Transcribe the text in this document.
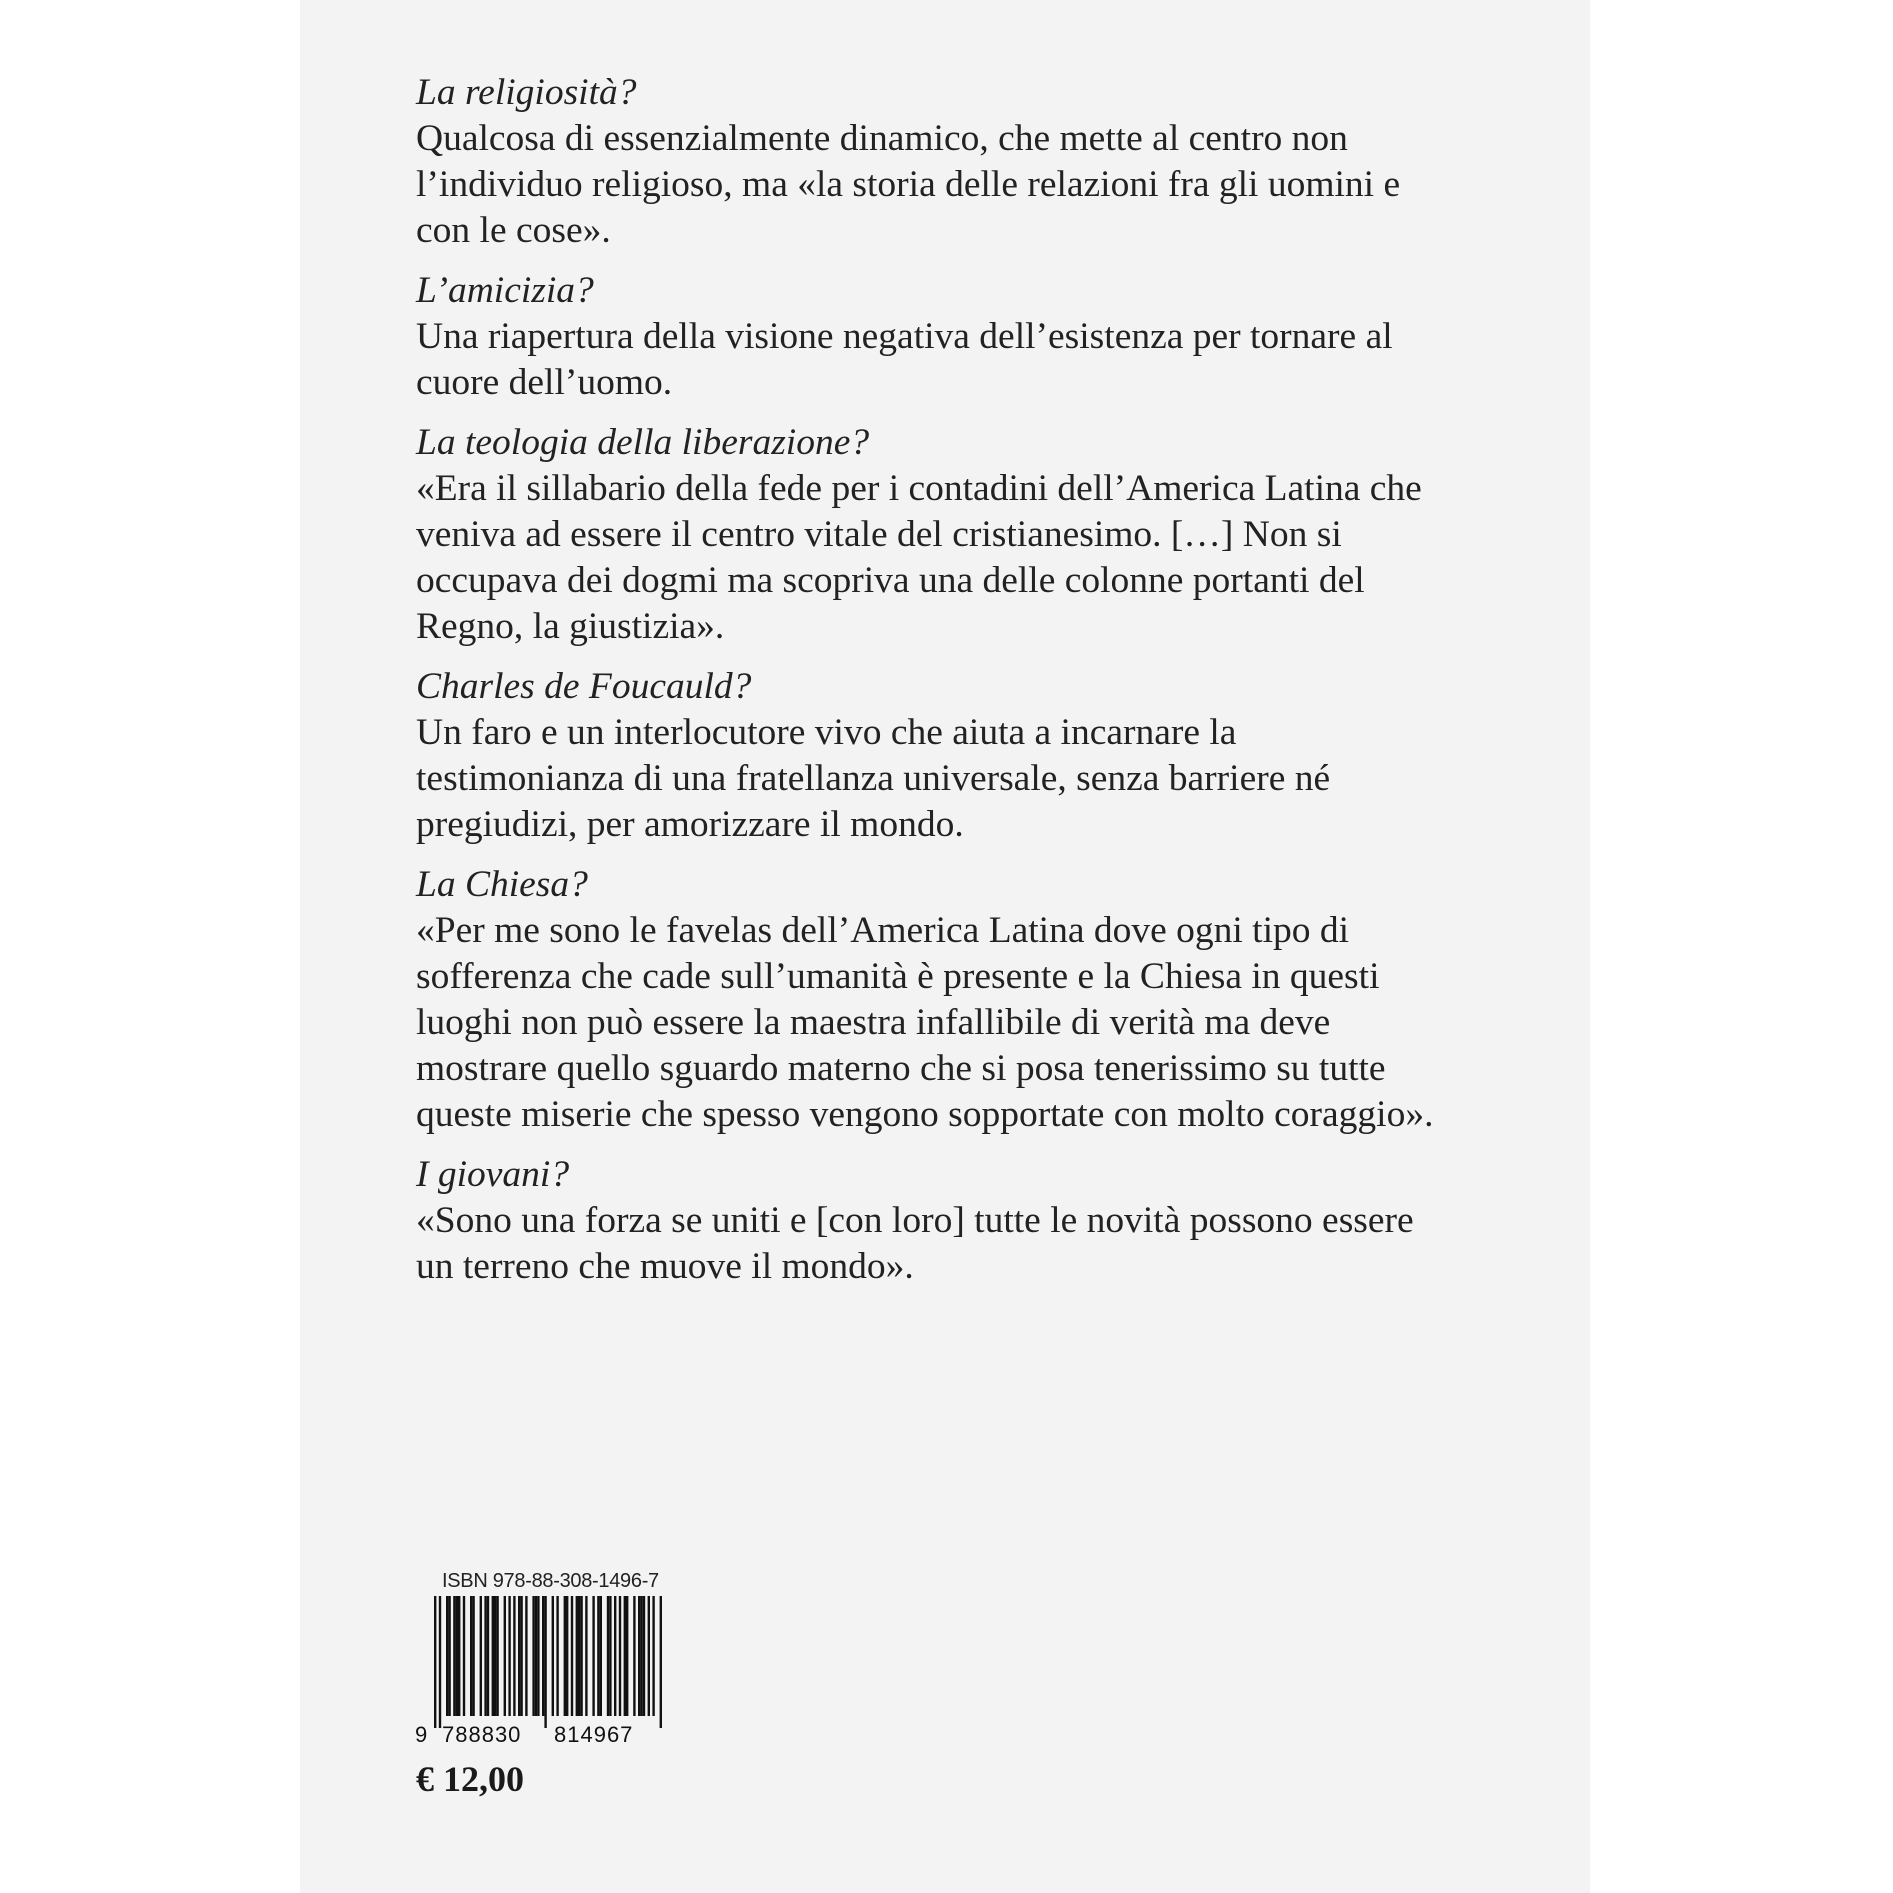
La religiosità?
Qualcosa di essenzialmente dinamico, che mette al centro non
l’individuo religioso, ma «la storia delle relazioni fra gli uomini e
con le cose».
L’amicizia?
Una riapertura della visione negativa dell’esistenza per tornare al
cuore dell’uomo.
La teologia della liberazione?
«Era il sillabario della fede per i contadini dell’America Latina che
veniva ad essere il centro vitale del cristianesimo. […] Non si
occupava dei dogmi ma scopriva una delle colonne portanti del
Regno, la giustizia».
Charles de Foucauld?
Un faro e un interlocutore vivo che aiuta a incarnare la
testimonianza di una fratellanza universale, senza barriere né
pregiudizi, per amorizzare il mondo.
La Chiesa?
«Per me sono le favelas dell’America Latina dove ogni tipo di
sofferenza che cade sull’umanità è presente e la Chiesa in questi
luoghi non può essere la maestra infallibile di verità ma deve
mostrare quello sguardo materno che si posa tenerissimo su tutte
queste miserie che spesso vengono sopportate con molto coraggio».
I giovani?
«Sono una forza se uniti e [con loro] tutte le novità possono essere
un terreno che muove il mondo».
ISBN 978-88-308-1496-7
9 788830 814967
€ 12,00
